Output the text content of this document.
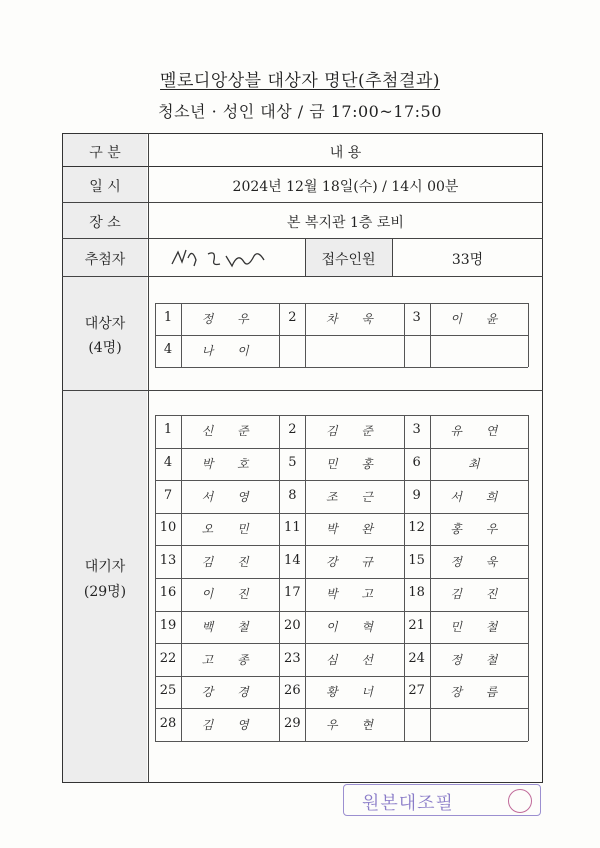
멜로디앙상블 대상자 명단(추첨결과)
청소년 · 성인 대상 / 금 17:00~17:50
구 분	내 용
일 시	2024년 12월 18일(수) / 14시 00분
장 소	본 복지관 1층 로비
추첨자	접수인원	33명
대상자
(4명)
대기자
(29명)
1	정 우	2	차 욱	3	이 윤
4	나 이
1	신 준	2	김 준	3	유 연
4	박 호	5	민 홍	6	최
7	서 영	8	조 근	9	서 희
10	오 민	11	박 완	12	홍 우
13	김 진	14	강 규	15	정 욱
16	이 진	17	박 고	18	김 진
19	백 철	20	이 혁	21	민 철
22	고 종	23	심 선	24	정 철
25	강 경	26	황 너	27	장 름
28	김 영	29	우 현
원본대조필
